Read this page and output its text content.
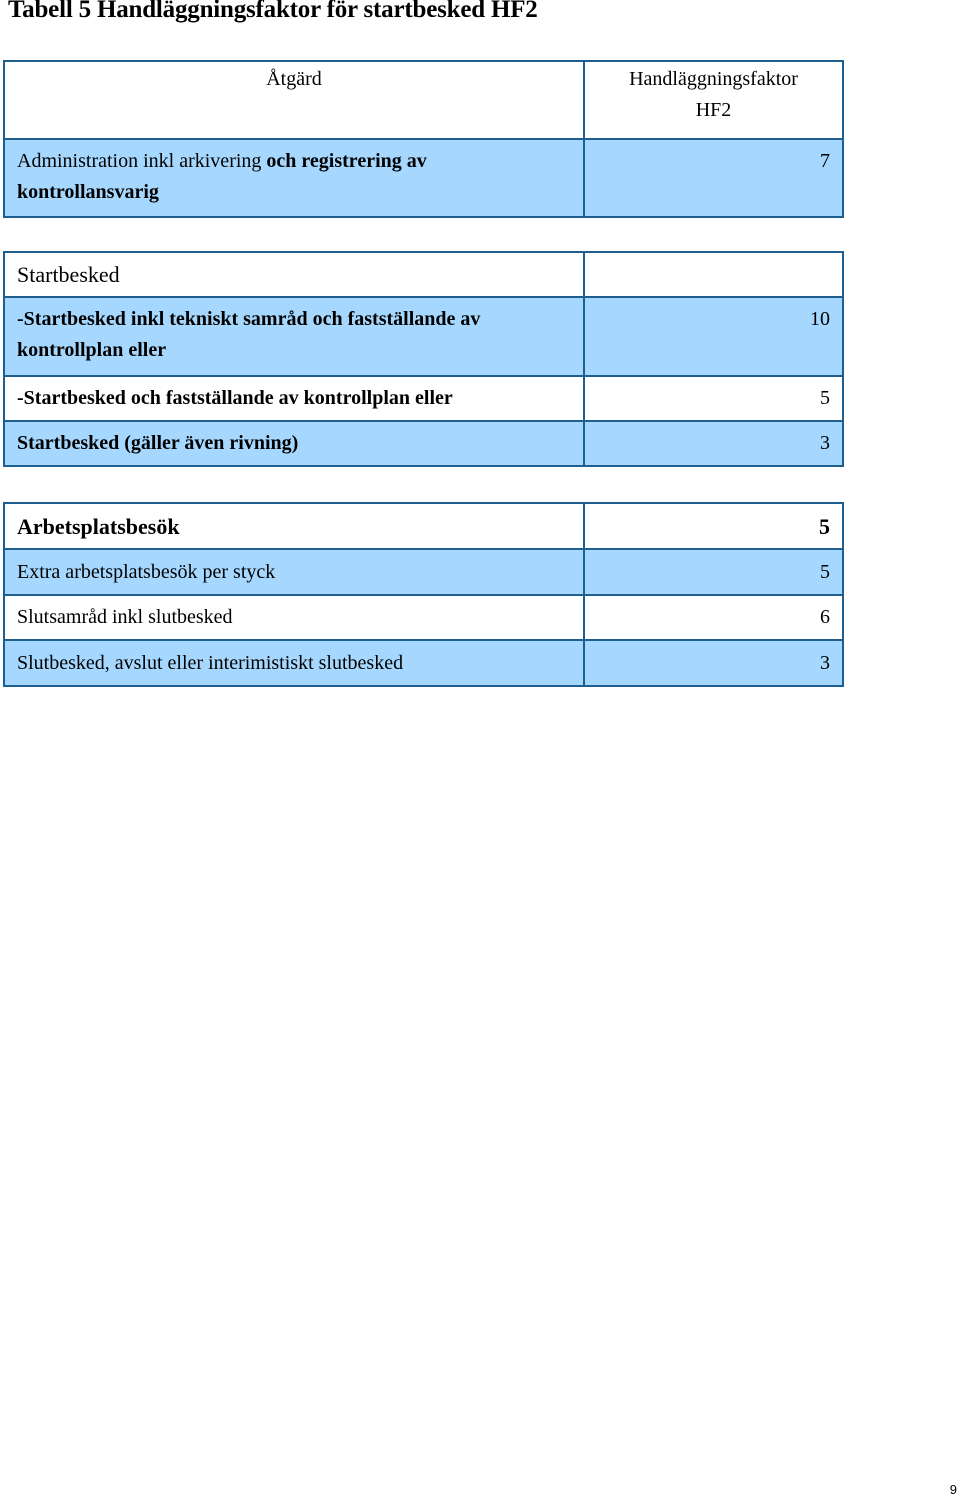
Tabell 5 Handläggningsfaktor för startbesked HF2
Åtgärd	Handläggningsfaktor
HF2
Administration inkl arkivering och registrering av
kontrollansvarig	7
Startbesked	
-Startbesked inkl tekniskt samråd och fastställande av
kontrollplan eller	10
-Startbesked och fastställande av kontrollplan eller	5
Startbesked (gäller även rivning)	3
Arbetsplatsbesök	5
Extra arbetsplatsbesök per styck	5
Slutsamråd inkl slutbesked	6
Slutbesked, avslut eller interimistiskt slutbesked	3
9
